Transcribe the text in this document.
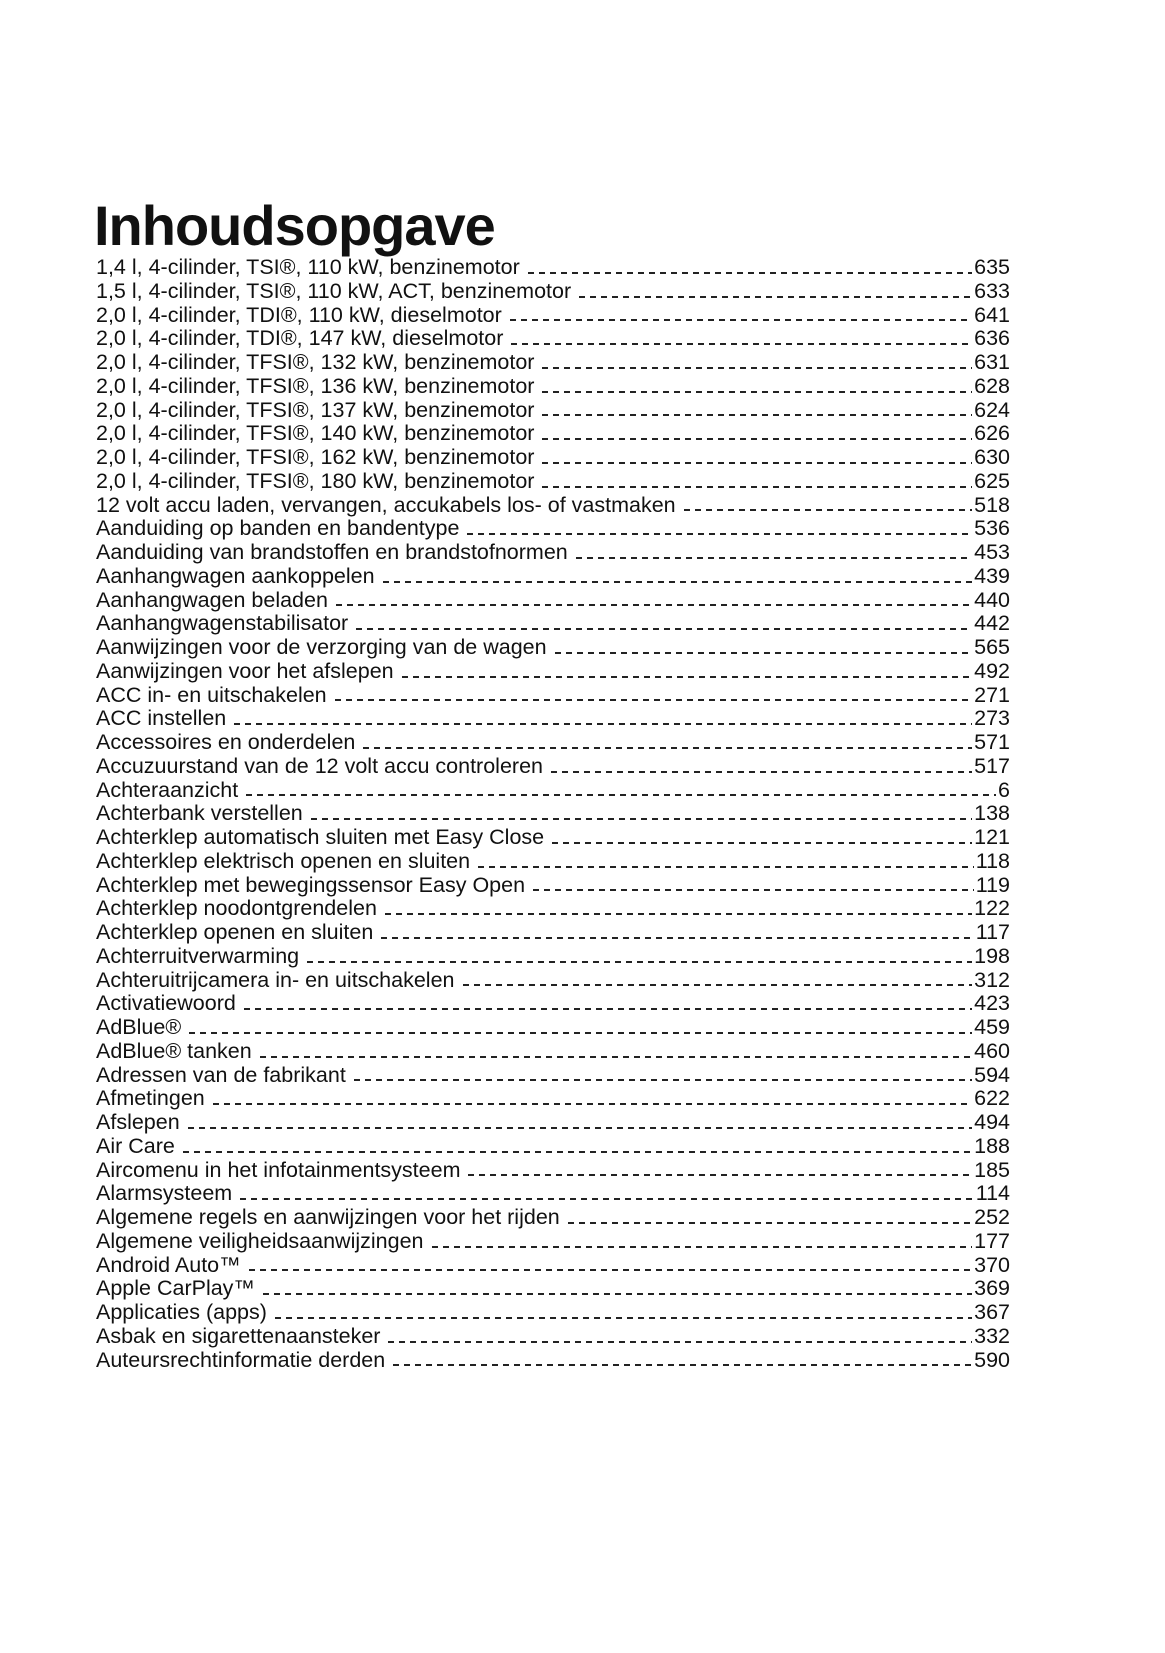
Inhoudsopgave
1,4 l, 4-cilinder, TSI®, 110 kW, benzinemotor	635
1,5 l, 4-cilinder, TSI®, 110 kW, ACT, benzinemotor	633
2,0 l, 4-cilinder, TDI®, 110 kW, dieselmotor	641
2,0 l, 4-cilinder, TDI®, 147 kW, dieselmotor	636
2,0 l, 4-cilinder, TFSI®, 132 kW, benzinemotor	631
2,0 l, 4-cilinder, TFSI®, 136 kW, benzinemotor	628
2,0 l, 4-cilinder, TFSI®, 137 kW, benzinemotor	624
2,0 l, 4-cilinder, TFSI®, 140 kW, benzinemotor	626
2,0 l, 4-cilinder, TFSI®, 162 kW, benzinemotor	630
2,0 l, 4-cilinder, TFSI®, 180 kW, benzinemotor	625
12 volt accu laden, vervangen, accukabels los- of vastmaken	518
Aanduiding op banden en bandentype	536
Aanduiding van brandstoffen en brandstofnormen	453
Aanhangwagen aankoppelen	439
Aanhangwagen beladen	440
Aanhangwagenstabilisator	442
Aanwijzingen voor de verzorging van de wagen	565
Aanwijzingen voor het afslepen	492
ACC in- en uitschakelen	271
ACC instellen	273
Accessoires en onderdelen	571
Accuzuurstand van de 12 volt accu controleren	517
Achteraanzicht	6
Achterbank verstellen	138
Achterklep automatisch sluiten met Easy Close	121
Achterklep elektrisch openen en sluiten	118
Achterklep met bewegingssensor Easy Open	119
Achterklep noodontgrendelen	122
Achterklep openen en sluiten	117
Achterruitverwarming	198
Achteruitrijcamera in- en uitschakelen	312
Activatiewoord	423
AdBlue®	459
AdBlue® tanken	460
Adressen van de fabrikant	594
Afmetingen	622
Afslepen	494
Air Care	188
Aircomenu in het infotainmentsysteem	185
Alarmsysteem	114
Algemene regels en aanwijzingen voor het rijden	252
Algemene veiligheidsaanwijzingen	177
Android Auto™	370
Apple CarPlay™	369
Applicaties (apps)	367
Asbak en sigarettenaansteker	332
Auteursrechtinformatie derden	590
